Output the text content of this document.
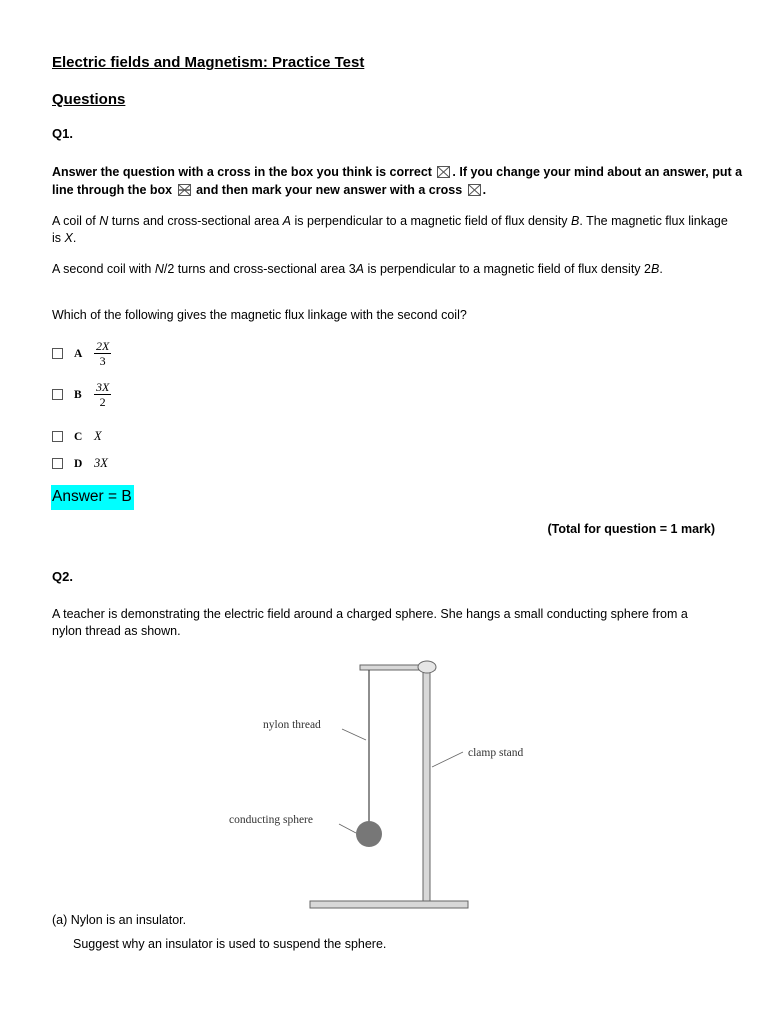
Electric fields and Magnetism: Practice Test
Questions
Q1.
Answer the question with a cross in the box you think is correct ☒ . If you change your mind about an answer, put a line through the box and then mark your new answer with a cross ☒ .
A coil of N turns and cross-sectional area A is perpendicular to a magnetic field of flux density B. The magnetic flux linkage is X.
A second coil with N/2 turns and cross-sectional area 3A is perpendicular to a magnetic field of flux density 2B.
Which of the following gives the magnetic flux linkage with the second coil?
A $\frac{2X}{3}$
B	$\frac{3X}{2}$
C X
D 3X
Answer = B
(Total for question = 1 mark)
Q2.
A teacher is demonstrating the electric field around a charged sphere. She hangs a small conducting sphere from a nylon thread as shown.
nylon thread
clamp stand
conducting sphere
(a) Nylon is an insulator.
Suggest why an insulator is used to suspend the sphere.
